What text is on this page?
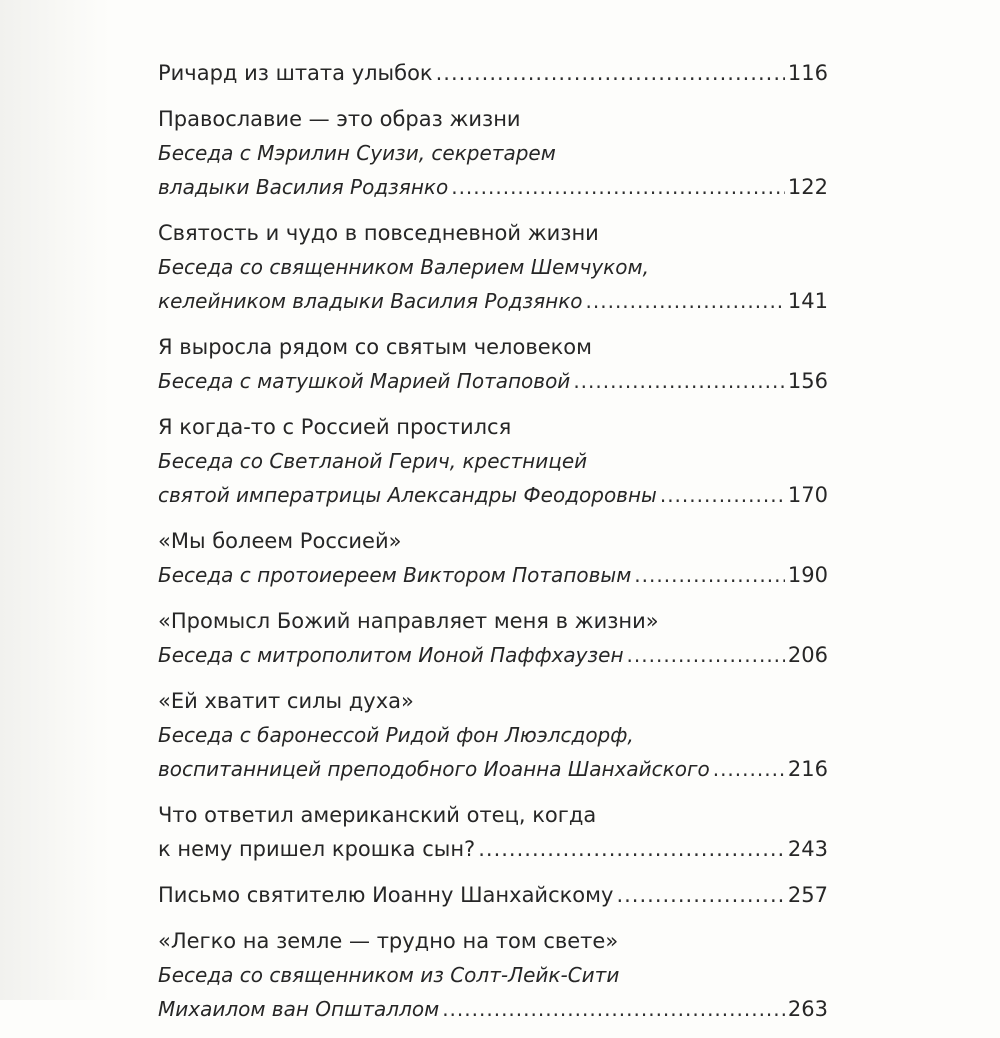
Ричард из штата улыбок .....	116
Православие — это образ жизни
Беседа с Мэрилин Суизи, секретарем
владыки Василия Родзянко .....	122
Святость и чудо в повседневной жизни
Беседа со священником Валерием Шемчуком,
келейником владыки Василия Родзянко .....	141
Я выросла рядом со святым человеком
Беседа с матушкой Марией Потаповой .....	156
Я когда-то с Россией простился
Беседа со Светланой Герич, крестницей
святой императрицы Александры Феодоровны .....	170
«Мы болеем Россией»
Беседа с протоиереем Виктором Потаповым .....	190
«Промысл Божий направляет меня в жизни»
Беседа с митрополитом Ионой Паффхаузен .....	206
«Ей хватит силы духа»
Беседа с баронессой Ридой фон Люэлсдорф,
воспитанницей преподобного Иоанна Шанхайского .....	216
Что ответил американский отец, когда
к нему пришел крошка сын? .....	243
Письмо святителю Иоанну Шанхайскому .....	257
«Легко на земле — трудно на том свете»
Беседа со священником из Солт-Лейк-Сити
Михаилом ван Општаллом .....	263
